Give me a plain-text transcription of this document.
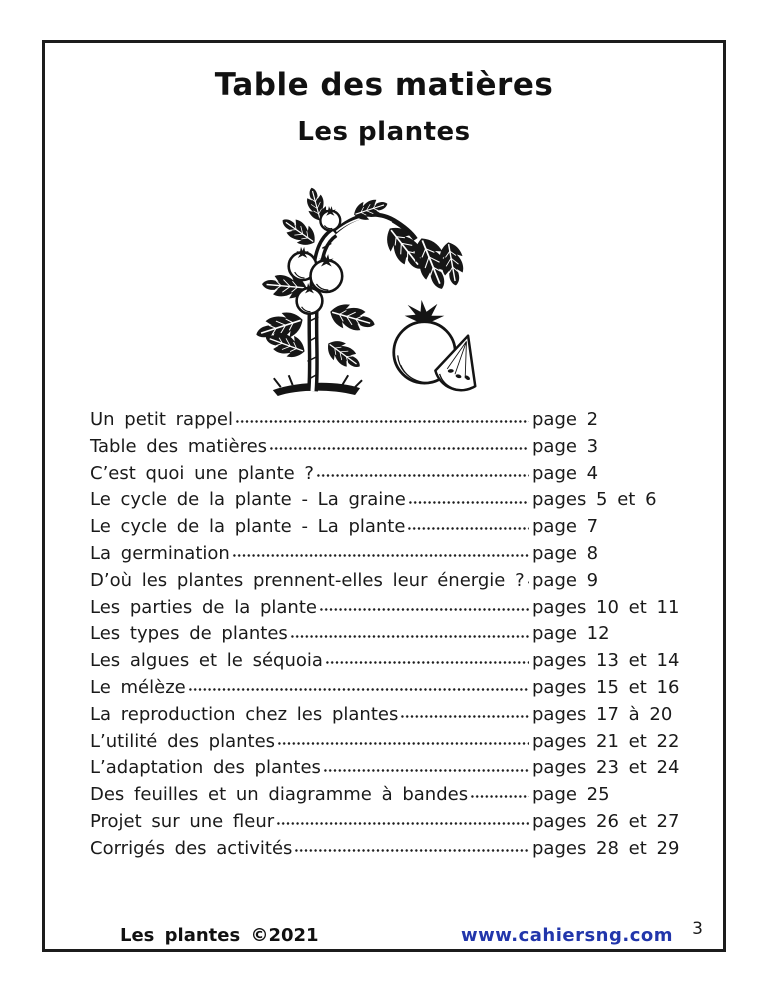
Table des matières
Les plantes
Un petit rappel	page 2
Table des matières	page 3
C’est quoi une plante ?	page 4
Le cycle de la plante - La graine	pages 5 et 6
Le cycle de la plante - La plante	page 7
La germination	page 8
D’où les plantes prennent-elles leur énergie ? page 9
Les parties de la plante	pages 10 et 11
Les types de plantes	page 12
Les algues et le séquoia	pages 13 et 14
Le mélèze	pages 15 et 16
La reproduction chez les plantes	pages 17 à 20
L’utilité des plantes	pages 21 et 22
L’adaptation des plantes	pages 23 et 24
Des feuilles et un diagramme à bandes	page 25
Projet sur une fleur	pages 26 et 27
Corrigés des activités	pages 28 et 29
Les plantes ©2021	www.cahiersng.com 3
